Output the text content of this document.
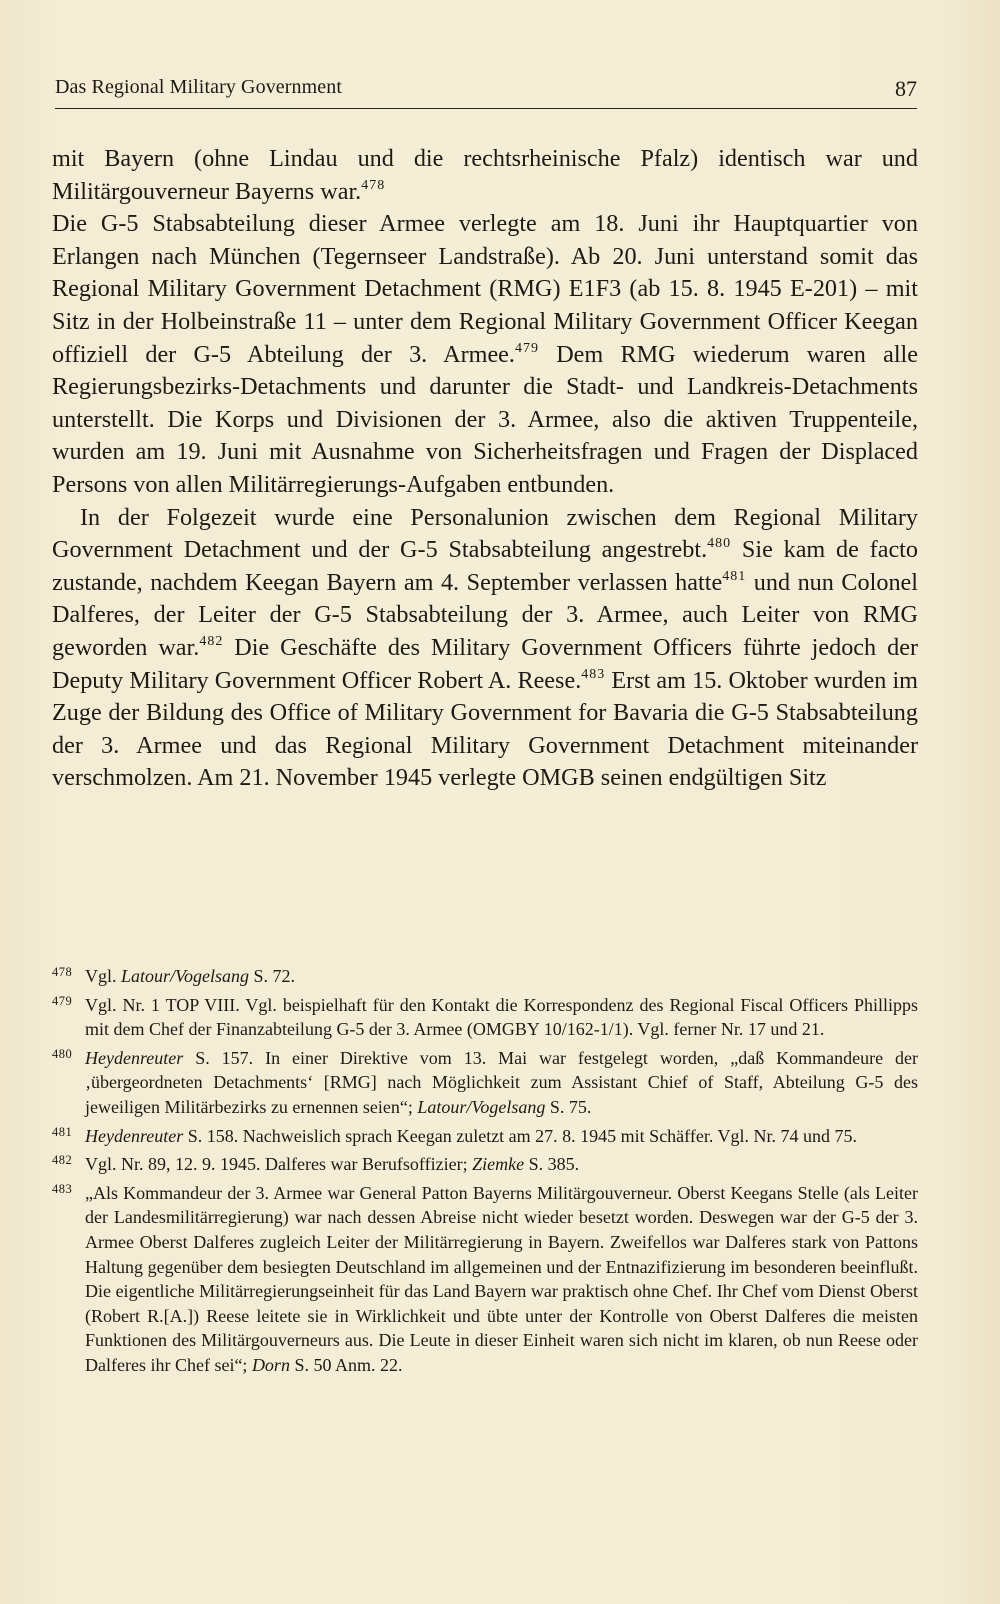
Das Regional Military Government	87

mit Bayern (ohne Lindau und die rechtsrheinische Pfalz) identisch war und Militärgouverneur Bayerns war.$^{478}$

Die G-5 Stabsabteilung dieser Armee verlegte am 18. Juni ihr Hauptquartier von Erlangen nach München (Tegernseer Landstraße). Ab 20. Juni unterstand somit das Regional Military Government Detachment (RMG) E1F3 (ab 15. 8. 1945 E-201) – mit Sitz in der Holbeinstraße 11 – unter dem Regional Military Government Officer Keegan offiziell der G-5 Abteilung der 3. Armee.$^{479}$ Dem RMG wiederum waren alle Regierungsbezirks-Detachments und darunter die Stadt- und Landkreis-Detachments unterstellt. Die Korps und Divisionen der 3. Armee, also die aktiven Truppenteile, wurden am 19. Juni mit Ausnahme von Sicherheitsfragen und Fragen der Displaced Persons von allen Militärregierungs-Aufgaben entbunden.

In der Folgezeit wurde eine Personalunion zwischen dem Regional Military Government Detachment und der G-5 Stabsabteilung angestrebt.$^{480}$ Sie kam de facto zustande, nachdem Keegan Bayern am 4. September verlassen hatte$^{481}$ und nun Colonel Dalferes, der Leiter der G-5 Stabsabteilung der 3. Armee, auch Leiter von RMG geworden war.$^{482}$ Die Geschäfte des Military Government Officers führte jedoch der Deputy Military Government Officer Robert A. Reese.$^{483}$ Erst am 15. Oktober wurden im Zuge der Bildung des Office of Military Government for Bavaria die G-5 Stabsabteilung der 3. Armee und das Regional Military Government Detachment miteinander verschmolzen. Am 21. November 1945 verlegte OMGB seinen endgültigen Sitz

478 Vgl. Latour/Vogelsang S. 72.
479 Vgl. Nr. 1 TOP VIII. Vgl. beispielhaft für den Kontakt die Korrespondenz des Regional Fiscal Officers Phillipps mit dem Chef der Finanzabteilung G-5 der 3. Armee (OMGBY 10/162-1/1). Vgl. ferner Nr. 17 und 21.
480 Heydenreuter S. 157. In einer Direktive vom 13. Mai war festgelegt worden, „daß Kommandeure der ‚übergeordneten Detachments‘ [RMG] nach Möglichkeit zum Assistant Chief of Staff, Abteilung G-5 des jeweiligen Militärbezirks zu ernennen seien“; Latour/Vogelsang S. 75.
481 Heydenreuter S. 158. Nachweislich sprach Keegan zuletzt am 27. 8. 1945 mit Schäffer. Vgl. Nr. 74 und 75.
482 Vgl. Nr. 89, 12. 9. 1945. Dalferes war Berufsoffizier; Ziemke S. 385.
483 „Als Kommandeur der 3. Armee war General Patton Bayerns Militärgouverneur. Oberst Keegans Stelle (als Leiter der Landesmilitärregierung) war nach dessen Abreise nicht wieder besetzt worden. Deswegen war der G-5 der 3. Armee Oberst Dalferes zugleich Leiter der Militärregierung in Bayern. Zweifellos war Dalferes stark von Pattons Haltung gegenüber dem besiegten Deutschland im allgemeinen und der Entnazifizierung im besonderen beeinflußt. Die eigentliche Militärregierungseinheit für das Land Bayern war praktisch ohne Chef. Ihr Chef vom Dienst Oberst (Robert R.[A.]) Reese leitete sie in Wirklichkeit und übte unter der Kontrolle von Oberst Dalferes die meisten Funktionen des Militärgouverneurs aus. Die Leute in dieser Einheit waren sich nicht im klaren, ob nun Reese oder Dalferes ihr Chef sei“; Dorn S. 50 Anm. 22.
